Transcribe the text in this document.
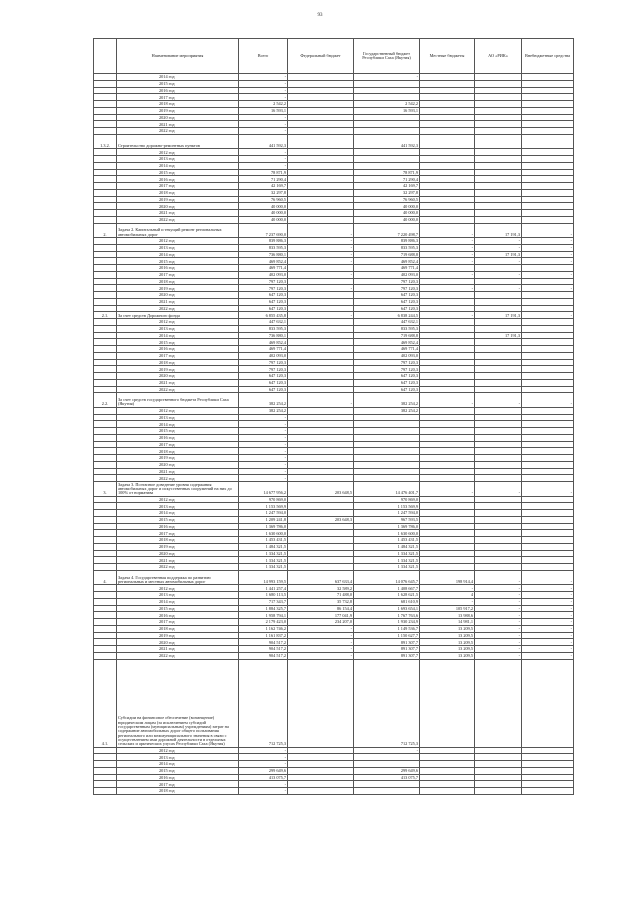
93
	Наименование мероприятия	Всего	Федеральный бюджет	Государственный бюджет Республики Саха (Якутия)	Местные бюджеты	АО «РИК»	Внебюджетные средства
	2014 год	-		-			
	2015 год	-					
	2016 год	-					
	2017 год	-					
	2018 год	2 542,2		2 542,2			
	2019 год	16 593,1		16 593,1			
	2020 год	-					
	2021 год	-					
	2022 год	-					
1.3.2.	Строительство дорожно-ремонтных пунктов	441 592,3		441 592,3			
	2012 год	-					
	2013 год	-					
	2014 год	-					
	2015 год	78 871,9		78 871,9			
	2016 год	71 290,4		71 290,4			
	2017 год	42 169,7		42 169,7			
	2018 год	32 297,8		32 297,8			
	2019 год	76 960,5		76 960,5			
	2020 год	40 000,0		40 000,0			
	2021 год	40 000,0		40 000,0			
	2022 год	40 000,0		40 000,0			
2.	Задача 2. Капитальный и текущий ремонт региональных автомобильных дорог	7 237 690,0	-	7 220 498,7	-	17 191,3	-
	2012 год	839 886,3	-	839 886,3	-	-	-
	2013 год	833 595,3	-	833 595,3	-	-	-
	2014 год	736 880,1	-	719 688,8	-	17 191,3	-
	2015 год	469 852,4	-	469 852,4	-	-	-
	2016 год	469 771,4		469 771,4			
	2017 год	402 093,0	-	402 093,0	-	-	-
	2018 год	797 120,3		797 120,3			
	2019 год	797 120,3	-	797 120,3	-	-	-
	2020 год	647 120,3		647 120,3			
	2021 год	647 120,3		647 120,3			
	2022 год	647 120,3		647 120,3			
2.1.	За счет средств Дорожного фонда	6 855 435,8	-	6 838 244,5	-	17 191,3	-
	2012 год	447 632,1		447 632,1			
	2013 год	833 595,3		833 595,3			
	2014 год	736 880,1		719 688,8		17 191,3	
	2015 год	469 852,4		469 852,4			
	2016 год	469 771,4		469 771,4			
	2017 год	402 093,0		402 093,0			
	2018 год	797 120,3		797 120,3			
	2019 год	797 120,3		797 120,3			
	2020 год	647 120,3		647 120,3			
	2021 год	647 120,3		647 120,3			
	2022 год	647 120,3		647 120,3			
2.2.	За счет средств государственного бюджета Республики Саха (Якутия)	382 254,2	-	382 254,2	-	-	-
	2012 год	382 254,2		382 254,2			
	2013 год	-					
	2014 год	-					
	2015 год	-					
	2016 год	-					
	2017 год	-					
	2018 год	-					
	2019 год	-					
	2020 год	-					
	2021 год	-					
	2022 год	-					
3.	Задача 3. Поэтапное доведение уровня содержания автомобильных дорог и искусственных сооружений на них до 100% от норматива	14 677 956,2	203 648,5	14 476 401,7	-	-	-
	2012 год	970 869,0		970 869,0			
	2013 год	1 153 569,9		1 153 569,9			
	2014 год	1 247 594,0		1 247 594,0			
	2015 год	1 209 241,8	203 648,3	967 593,5			
	2016 год	1 369 786,0		1 369 786,0			
	2017 год	1 630 600,0		1 630 600,0			
	2018 год	1 453 431,5		1 453 431,5			
	2019 год	1 484 321,5		1 484 321,5			
	2020 год	1 334 321,5		1 334 321,5			
	2021 год	1 334 321,5		1 334 321,5			
	2022 год	1 334 321,5		1 334 321,5			
4.	Задача 4. Государственная поддержка по развитию региональных и местных автомобильных дорог	14 993 159,5	637 633,4	14 076 645,7	198 914,4	-	-
	2012 год	1 441 257,4	32 589,2	1 408 667,7	-	-	-
	2013 год	1 680 113,5	71 488,0	1 628 621,5	4	-	-
	2014 год	717 343,7	35 732,8	681 610,9	-	-	-
	2015 год	1 884 325,7	86 154,4	1 693 654,1	105 917,2	-	-
	2016 год	1 958 794,1	177 041,9	1 767 763,6	13 988,6	-	-
	2017 год	2 179 423,0	234 207,0	1 930 234,9	14 981,1	-	-
	2018 год	1 162 746,2	-	1 149 536,7	13 209,5	-	-
	2019 год	1 161 837,2	-	1 150 627,7	13 209,5	-	-
	2020 год	904 517,2	-	891 307,7	13 209,5	-	-
	2021 год	904 517,2	-	891 307,7	13 209,5	-	-
	2022 год	904 517,2	-	891 307,7	13 209,5	-	-
4.1.	Субсидии на финансовое обеспечение (возмещение) юридическим лицам (за исключением субсидий государственным (муниципальным) учреждениям) затрат на содержание автомобильных дорог общего пользования регионального или межмуниципального значения в связи с осуществлением ими дорожной деятельности в отдельных сельских и арктических улусах Республики Саха (Якутия)	712 725,3		712 725,3			
	2012 год	-		-			
	2013 год	-					
	2014 год	-					
	2015 год	299 649,6		299 649,6			
	2016 год	413 075,7		413 075,7			
	2017 год	-					
	2018 год	-					
